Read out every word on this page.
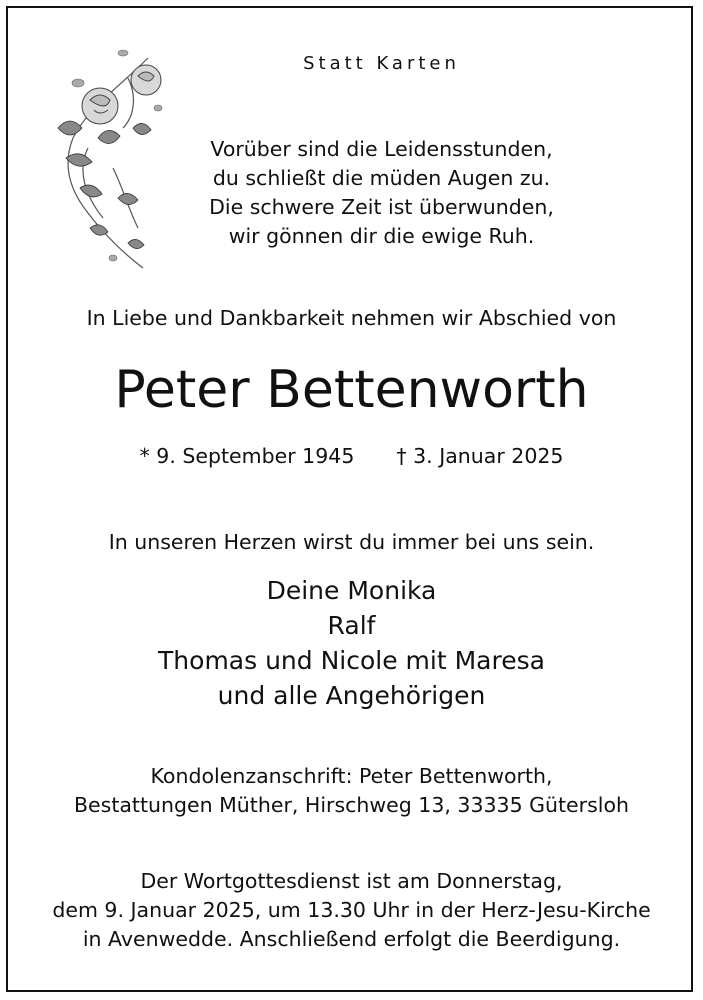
Statt Karten
Vorüber sind die Leidensstunden,
du schließt die müden Augen zu.
Die schwere Zeit ist überwunden,
wir gönnen dir die ewige Ruh.
In Liebe und Dankbarkeit nehmen wir Abschied von
Peter Bettenworth
* 9. September 1945 † 3. Januar 2025
In unseren Herzen wirst du immer bei uns sein.
Deine Monika
Ralf
Thomas und Nicole mit Maresa
und alle Angehörigen
Kondolenzanschrift: Peter Bettenworth,
Bestattungen Müther, Hirschweg 13, 33335 Gütersloh
Der Wortgottesdienst ist am Donnerstag,
dem 9. Januar 2025, um 13.30 Uhr in der Herz-Jesu-Kirche
in Avenwedde. Anschließend erfolgt die Beerdigung.
